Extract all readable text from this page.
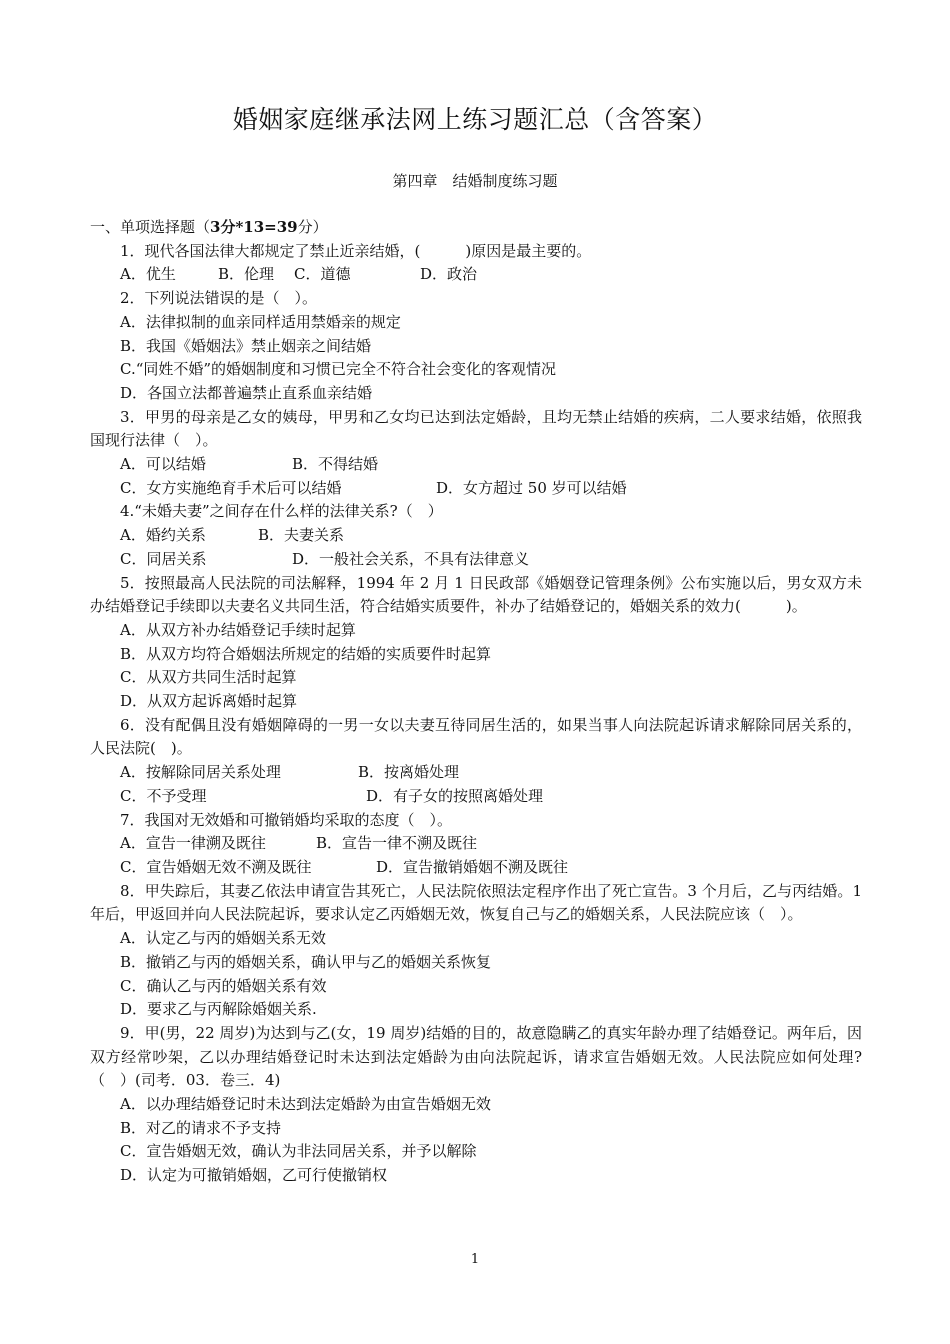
婚姻家庭继承法网上练习题汇总（含答案）
第四章　结婚制度练习题

一、单项选择题（3分*13=39分）

1．现代各国法律大都规定了禁止近亲结婚，(　　　)原因是最主要的。

A．优生	B．伦理 C．道德	D．政治

2．下列说法错误的是（　）。

A．法律拟制的血亲同样适用禁婚亲的规定

B．我国《婚姻法》禁止姻亲之间结婚

C.“同姓不婚”的婚姻制度和习惯已完全不符合社会变化的客观情况

D．各国立法都普遍禁止直系血亲结婚

3．甲男的母亲是乙女的姨母，甲男和乙女均已达到法定婚龄，且均无禁止结婚的疾病，二人要求结婚，依照我国现行法律（　）。

A．可以结婚	B．不得结婚

C．女方实施绝育手术后可以结婚	D．女方超过 50 岁可以结婚

4.“未婚夫妻”之间存在什么样的法律关系?（　）

A．婚约关系	B．夫妻关系

C．同居关系	D．一般社会关系，不具有法律意义

5．按照最高人民法院的司法解释，1994 年 2 月 1 日民政部《婚姻登记管理条例》公布实施以后，男女双方未办结婚登记手续即以夫妻名义共同生活，符合结婚实质要件，补办了结婚登记的，婚姻关系的效力(　　　)。

A．从双方补办结婚登记手续时起算

B．从双方均符合婚姻法所规定的结婚的实质要件时起算

C．从双方共同生活时起算

D．从双方起诉离婚时起算

6．没有配偶且没有婚姻障碍的一男一女以夫妻互待同居生活的，如果当事人向法院起诉请求解除同居关系的，人民法院(　)。

A．按解除同居关系处理	B．按离婚处理

C．不予受理	D．有子女的按照离婚处理

7．我国对无效婚和可撤销婚均采取的态度（　）。

A．宣告一律溯及既往	B．宣告一律不溯及既往

C．宣告婚姻无效不溯及既往	D．宣告撤销婚姻不溯及既往

8．甲失踪后，其妻乙依法申请宣告其死亡，人民法院依照法定程序作出了死亡宣告。3 个月后，乙与丙结婚。1 年后，甲返回并向人民法院起诉，要求认定乙丙婚姻无效，恢复自己与乙的婚姻关系，人民法院应该（　）。

A．认定乙与丙的婚姻关系无效

B．撤销乙与丙的婚姻关系，确认甲与乙的婚姻关系恢复

C．确认乙与丙的婚姻关系有效

D．要求乙与丙解除婚姻关系.

9．甲(男，22 周岁)为达到与乙(女，19 周岁)结婚的目的，故意隐瞒乙的真实年龄办理了结婚登记。两年后，因双方经常吵架，乙以办理结婚登记时未达到法定婚龄为由向法院起诉，请求宣告婚姻无效。人民法院应如何处理?（　）(司考．03．卷三．4)

A．以办理结婚登记时未达到法定婚龄为由宣告婚姻无效

B．对乙的请求不予支持

C．宣告婚姻无效，确认为非法同居关系，并予以解除

D．认定为可撤销婚姻，乙可行使撤销权

1
